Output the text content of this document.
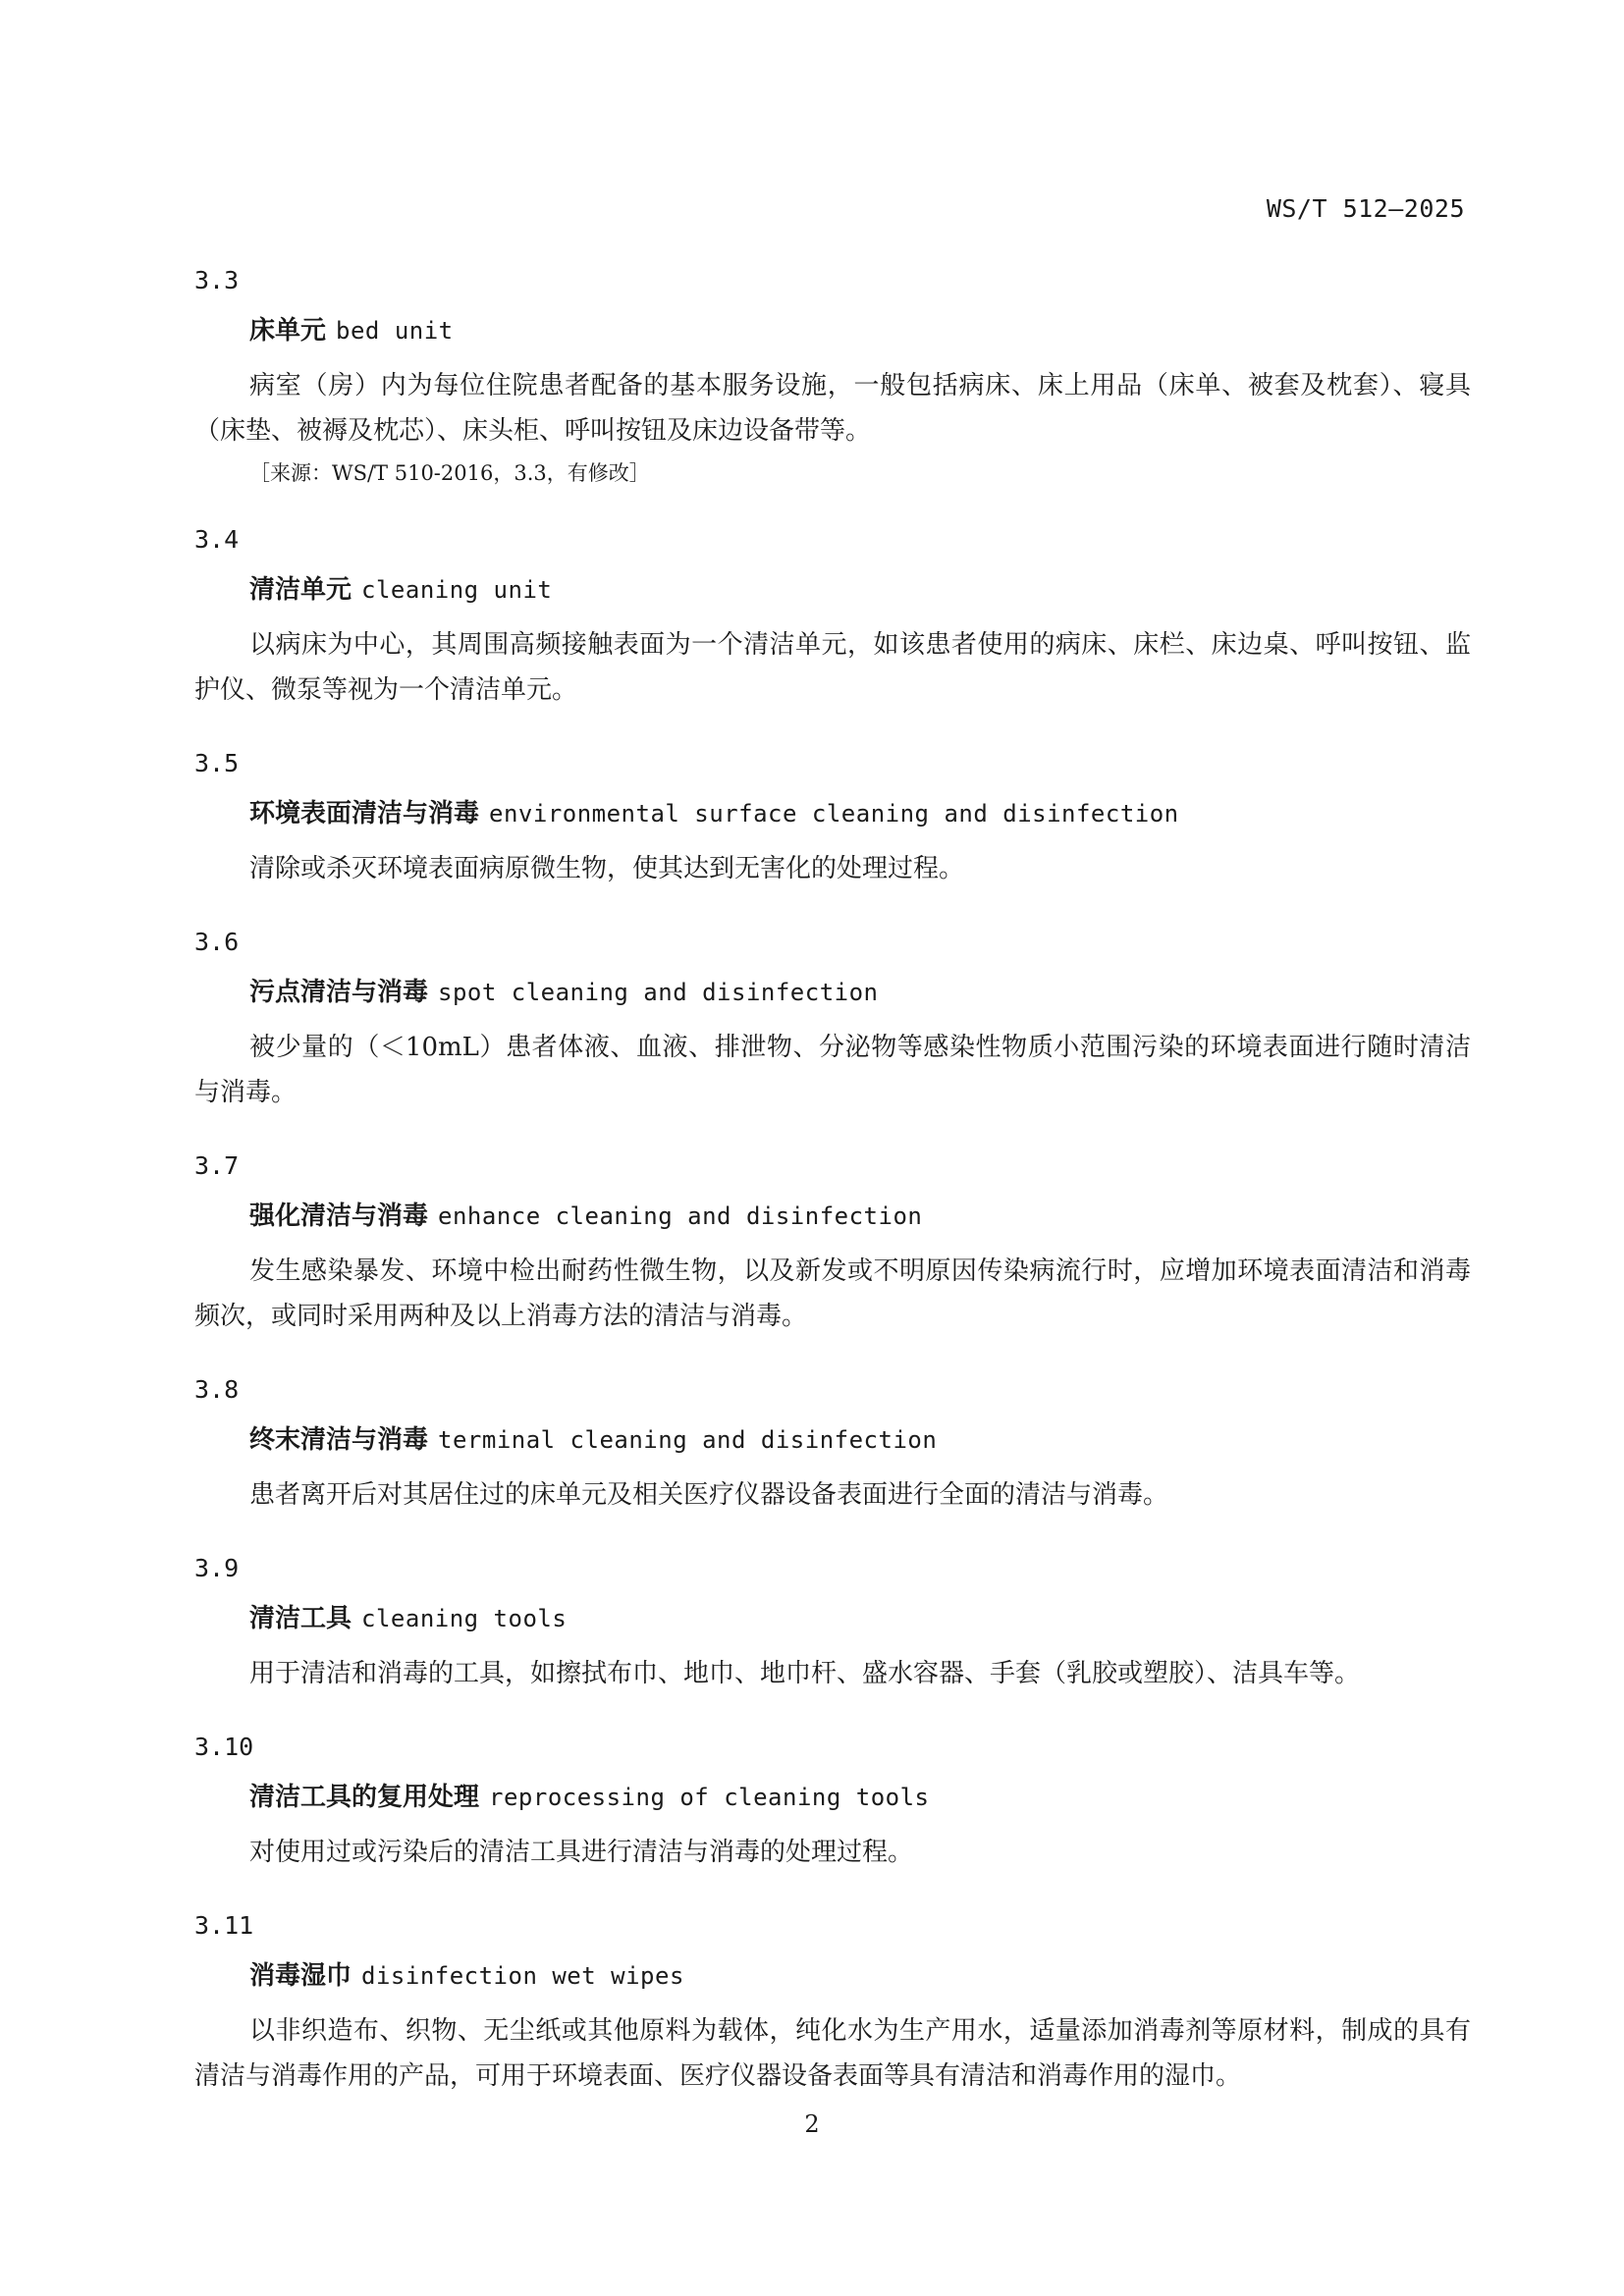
WS/T 512—2025
3.3
床单元 bed unit

病室（房）内为每位住院患者配备的基本服务设施，一般包括病床、床上用品（床单、被套及枕套）、寝具（床垫、被褥及枕芯）、床头柜、呼叫按钮及床边设备带等。

［来源：WS/T 510-2016，3.3，有修改］
3.4
清洁单元 cleaning unit

以病床为中心，其周围高频接触表面为一个清洁单元，如该患者使用的病床、床栏、床边桌、呼叫按钮、监护仪、微泵等视为一个清洁单元。

3.5
环境表面清洁与消毒 environmental surface cleaning and disinfection

清除或杀灭环境表面病原微生物，使其达到无害化的处理过程。

3.6
污点清洁与消毒 spot cleaning and disinfection

被少量的（＜10mL）患者体液、血液、排泄物、分泌物等感染性物质小范围污染的环境表面进行随时清洁与消毒。

3.7
强化清洁与消毒 enhance cleaning and disinfection

发生感染暴发、环境中检出耐药性微生物，以及新发或不明原因传染病流行时，应增加环境表面清洁和消毒频次，或同时采用两种及以上消毒方法的清洁与消毒。

3.8
终末清洁与消毒 terminal cleaning and disinfection

患者离开后对其居住过的床单元及相关医疗仪器设备表面进行全面的清洁与消毒。

3.9
清洁工具 cleaning tools

用于清洁和消毒的工具，如擦拭布巾、地巾、地巾杆、盛水容器、手套（乳胶或塑胶）、洁具车等。

3.10
清洁工具的复用处理 reprocessing of cleaning tools

对使用过或污染后的清洁工具进行清洁与消毒的处理过程。

3.11
消毒湿巾 disinfection wet wipes

以非织造布、织物、无尘纸或其他原料为载体，纯化水为生产用水，适量添加消毒剂等原材料，制成的具有清洁与消毒作用的产品，可用于环境表面、医疗仪器设备表面等具有清洁和消毒作用的湿巾。

2
